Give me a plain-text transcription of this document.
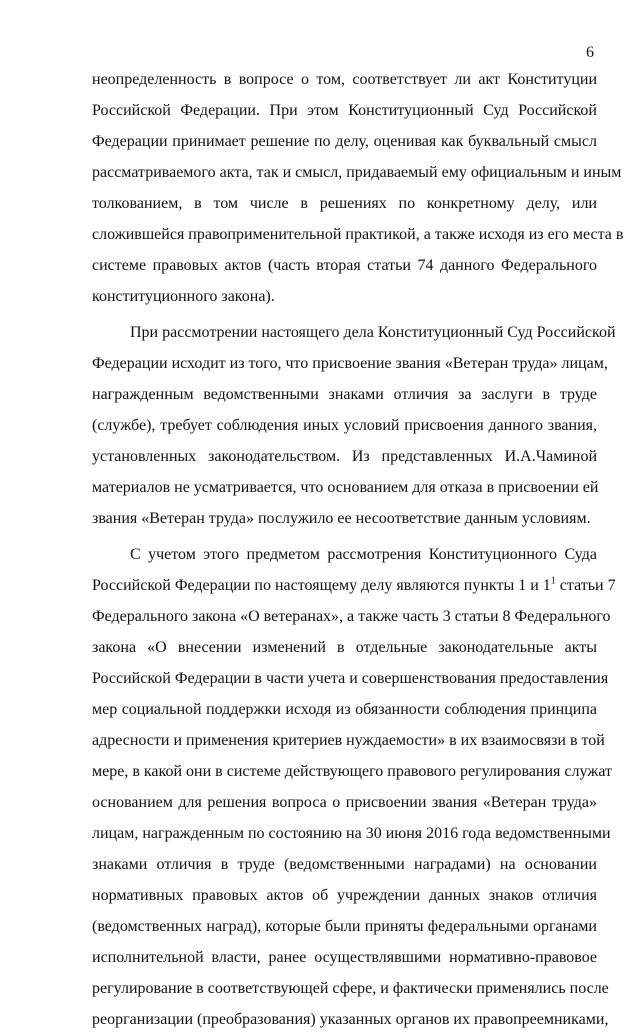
6
неопределенность в вопросе о том, соответствует ли акт Конституции
Российской Федерации. При этом Конституционный Суд Российской
Федерации принимает решение по делу, оценивая как буквальный смысл
рассматриваемого акта, так и смысл, придаваемый ему официальным и иным
толкованием, в том числе в решениях по конкретному делу, или
сложившейся правоприменительной практикой, а также исходя из его места в
системе правовых актов (часть вторая статьи 74 данного Федерального
конституционного закона).
При рассмотрении настоящего дела Конституционный Суд Российской
Федерации исходит из того, что присвоение звания «Ветеран труда» лицам,
награжденным ведомственными знаками отличия за заслуги в труде
(службе), требует соблюдения иных условий присвоения данного звания,
установленных законодательством. Из представленных И.А.Чаминой
материалов не усматривается, что основанием для отказа в присвоении ей
звания «Ветеран труда» послужило ее несоответствие данным условиям.
С учетом этого предметом рассмотрения Конституционного Суда
Российской Федерации по настоящему делу являются пункты 1 и $1^1$ статьи 7
Федерального закона «О ветеранах», а также часть 3 статьи 8 Федерального
закона «О внесении изменений в отдельные законодательные акты
Российской Федерации в части учета и совершенствования предоставления
мер социальной поддержки исходя из обязанности соблюдения принципа
адресности и применения критериев нуждаемости» в их взаимосвязи в той
мере, в какой они в системе действующего правового регулирования служат
основанием для решения вопроса о присвоении звания «Ветеран труда»
лицам, награжденным по состоянию на 30 июня 2016 года ведомственными
знаками отличия в труде (ведомственными наградами) на основании
нормативных правовых актов об учреждении данных знаков отличия
(ведомственных наград), которые были приняты федеральными органами
исполнительной власти, ранее осуществлявшими нормативно-правовое
регулирование в соответствующей сфере, и фактически применялись после
реорганизации (преобразования) указанных органов их правопреемниками,
